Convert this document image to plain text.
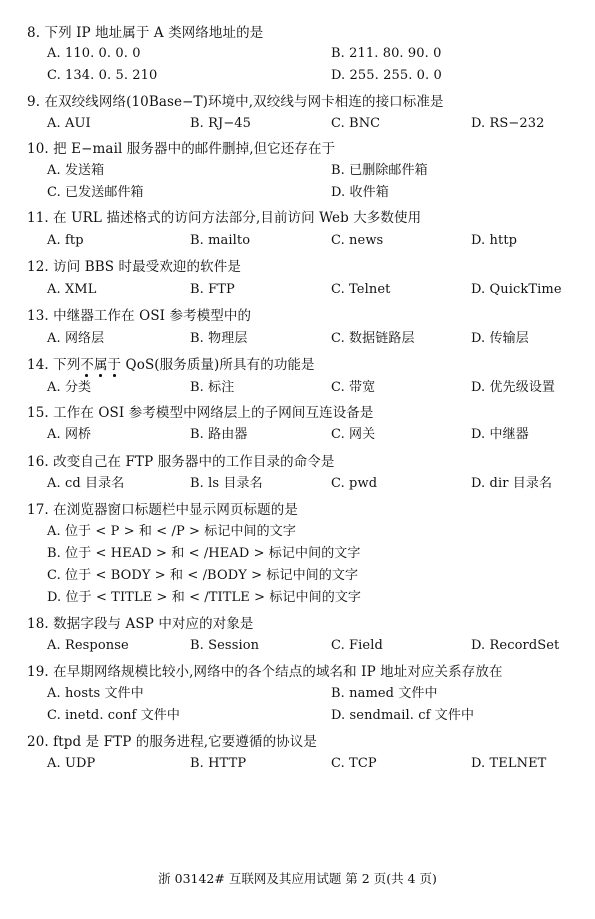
8. 下列 IP 地址属于 A 类网络地址的是
A. 110. 0. 0. 0	B. 211. 80. 90. 0
C. 134. 0. 5. 210	D. 255. 255. 0. 0
9. 在双绞线网络(10Base−T)环境中,双绞线与网卡相连的接口标准是
A. AUI	B. RJ−45	C. BNC	D. RS−232
10. 把 E−mail 服务器中的邮件删掉,但它还存在于
A. 发送箱	B. 已删除邮件箱
C. 已发送邮件箱	D. 收件箱
11. 在 URL 描述格式的访问方法部分,目前访问 Web 大多数使用
A. ftp	B. mailto	C. news	D. http
12. 访问 BBS 时最受欢迎的软件是
A. XML	B. FTP	C. Telnet	D. QuickTime
13. 中继器工作在 OSI 参考模型中的
A. 网络层	B. 物理层	C. 数据链路层	D. 传输层
14. 下列不属于 QoS(服务质量)所具有的功能是
A. 分类	B. 标注	C. 带宽	D. 优先级设置
15. 工作在 OSI 参考模型中网络层上的子网间互连设备是
A. 网桥	B. 路由器	C. 网关	D. 中继器
16. 改变自己在 FTP 服务器中的工作目录的命令是
A. cd 目录名	B. ls 目录名	C. pwd	D. dir 目录名
17. 在浏览器窗口标题栏中显示网页标题的是
A. 位于 < P > 和 < /P > 标记中间的文字
B. 位于 < HEAD > 和 < /HEAD > 标记中间的文字
C. 位于 < BODY > 和 < /BODY > 标记中间的文字
D. 位于 < TITLE > 和 < /TITLE > 标记中间的文字
18. 数据字段与 ASP 中对应的对象是
A. Response	B. Session	C. Field	D. RecordSet
19. 在早期网络规模比较小,网络中的各个结点的域名和 IP 地址对应关系存放在
A. hosts 文件中	B. named 文件中
C. inetd. conf 文件中	D. sendmail. cf 文件中
20. ftpd 是 FTP 的服务进程,它要遵循的协议是
A. UDP	B. HTTP	C. TCP	D. TELNET
浙 03142# 互联网及其应用试题 第 2 页(共 4 页)
